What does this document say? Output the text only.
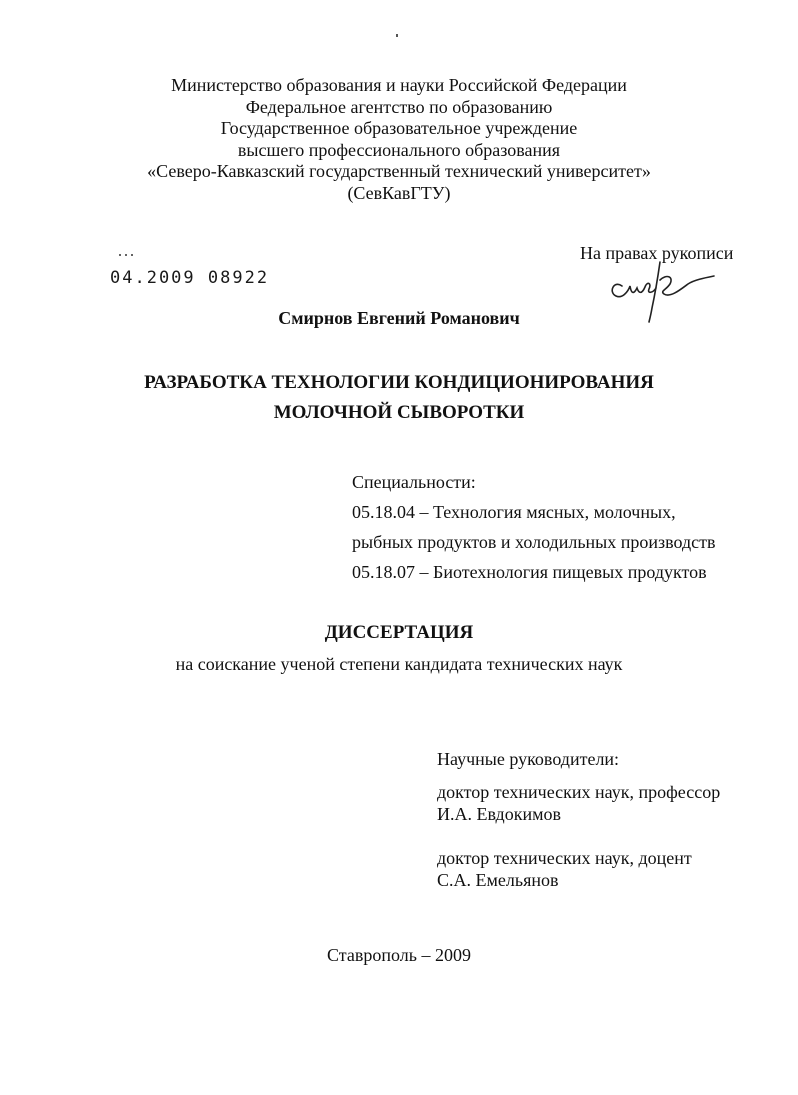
Министерство образования и науки Российской Федерации
Федеральное агентство по образованию
Государственное образовательное учреждение
высшего профессионального образования
«Северо-Кавказский государственный технический университет»
(СевКавГТУ)
04.2009 08922
На правах рукописи
Смирнов Евгений Романович
РАЗРАБОТКА ТЕХНОЛОГИИ КОНДИЦИОНИРОВАНИЯ
МОЛОЧНОЙ СЫВОРОТКИ
Специальности:
05.18.04 – Технология мясных, молочных,
рыбных продуктов и холодильных производств
05.18.07 – Биотехнология пищевых продуктов
ДИССЕРТАЦИЯ
на соискание ученой степени кандидата технических наук
Научные руководители:
доктор технических наук, профессор
И.А. Евдокимов
доктор технических наук, доцент
С.А. Емельянов
Ставрополь – 2009
